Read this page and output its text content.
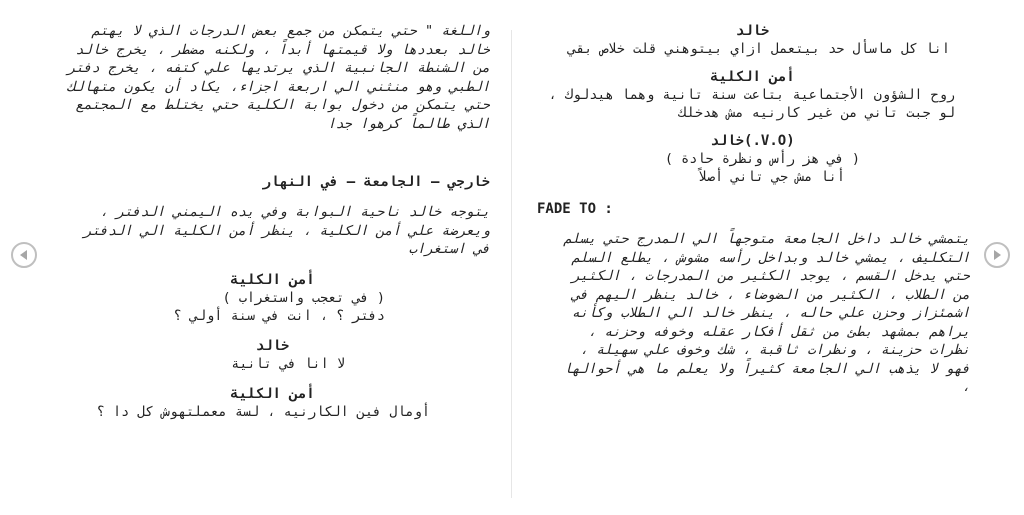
واللغة " حتي يتمكن من جمع بعض الدرجات الذي لا يهتم خالد بعددها ولا قيمتها أبداً ، ولكنه مضطر ، يخرج خالد من الشنطة الجانبية الذي يرتديها علي كتفه ، يخرج دفتر الطبي وهو منثني الي اربعة اجزاء، يكاد أن يكون متهالك حتي يتمكن من دخول بوابة الكلية حتي يختلط مع المجتمع الذي طالماً كرهوا جدا

خارجي – الجامعة – في النهار

يتوجه خالد ناحية البوابة وفي يده اليمني الدفتر ، ويعرضة علي أمن الكلية ، ينظر أمن الكلية الي الدفتر في استغراب

أمن الكلية

( في تعجب واستغراب )

دفتر ؟ ، انت في سنة أولي ؟

خالد

لا انا في تانية

أمن الكلية

أومال فين الكارنيه ، لسة معملتهوش كل دا ؟

خالد

انا كل ماسأل حد بيتعمل ازاي بيتوهني قلت خلاص بقي

أمن الكلية

روح الشؤون الأجتماعية بتاعت سنة تانية وهما هيدلوك ، لو جبت تاني من غير كارنيه مش هدخلك

(V.O.)خالد

( في هز رأس ونظرة حادة )

أنا مش جي تاني أصلاً

FADE TO :

يتمشي خالد داخل الجامعة متوجهاً الي المدرج حتي يسلم التكليف ، يمشي خالد وبداخل رأسه مشوش ، يطلع السلم حتي يدخل القسم ، يوجد الكثير من المدرجات ، الكثير من الطلاب ، الكثير من الضوضاء ، خالد ينظر اليهم في اشمئزاز وحزن علي حاله ، ينظر خالد الي الطلاب وكأنه يراهم بمشهد بطئ من ثقل أفكار عقله وخوفه وحزنه ، نظرات حزينة ، ونظرات ثاقبة ، شك وخوف علي سهيلة ، فهو لا يذهب الي الجامعة كثيراً ولا يعلم ما هي أحوالها ،
